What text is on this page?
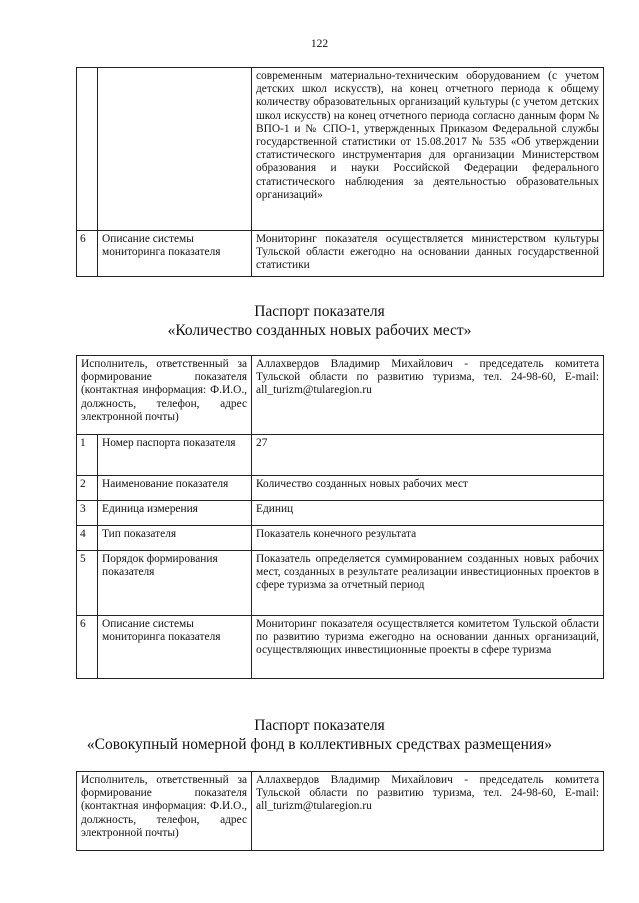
122
		современным материально-техническим оборудованием (с учетом детских школ искусств), на конец отчетного периода к общему количеству образовательных организаций культуры (с учетом детских школ искусств) на конец отчетного периода согласно данным форм № ВПО-1 и № СПО-1, утвержденных Приказом Федеральной службы государственной статистики от 15.08.2017 № 535 «Об утверждении статистического инструментария для организации Министерством образования и науки Российской Федерации федерального статистического наблюдения за деятельностью образовательных организаций»
6	Описание системы мониторинга показателя	Мониторинг показателя осуществляется министерством культуры Тульской области ежегодно на основании данных государственной статистики
Паспорт показателя
«Количество созданных новых рабочих мест»
Исполнитель, ответственный за формирование показателя (контактная информация: Ф.И.О., должность, телефон, адрес электронной почты)		Аллахвердов Владимир Михайлович - председатель комитета Тульской области по развитию туризма, тел. 24-98-60, E-mail: all_turizm@tularegion.ru
1	Номер паспорта показателя	27
2	Наименование показателя	Количество созданных новых рабочих мест
3	Единица измерения	Единиц
4	Тип показателя	Показатель конечного результата
5	Порядок формирования показателя	Показатель определяется суммированием созданных новых рабочих мест, созданных в результате реализации инвестиционных проектов в сфере туризма за отчетный период
6	Описание системы мониторинга показателя	Мониторинг показателя осуществляется комитетом Тульской области по развитию туризма ежегодно на основании данных организаций, осуществляющих инвестиционные проекты в сфере туризма
Паспорт показателя
«Совокупный номерной фонд в коллективных средствах размещения»
Исполнитель, ответственный за формирование показателя (контактная информация: Ф.И.О., должность, телефон, адрес электронной почты)	Аллахвердов Владимир Михайлович - председатель комитета Тульской области по развитию туризма, тел. 24-98-60, E-mail: all_turizm@tularegion.ru
